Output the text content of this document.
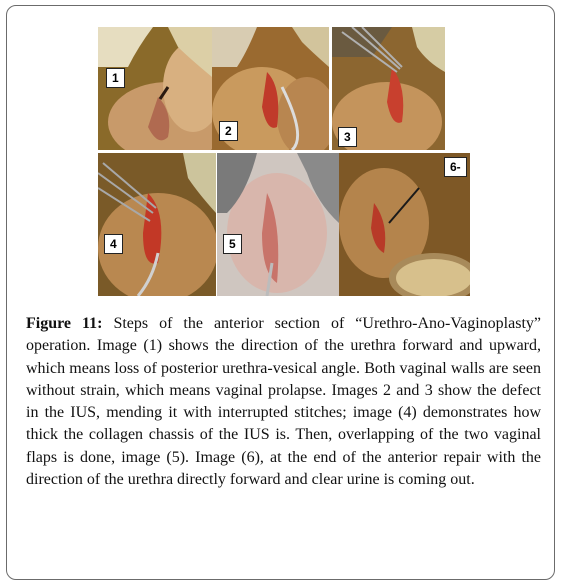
1
2	3
4	5
6-
Figure 11: Steps of the anterior section of “Urethro-Ano-Vaginoplasty” operation. Image (1) shows the direction of the urethra forward and upward, which means loss of posterior urethra-vesical angle. Both vaginal walls are seen without strain, which means vaginal prolapse. Images 2 and 3 show the defect in the IUS, mending it with interrupted stitches; image (4) demonstrates how thick the collagen chassis of the IUS is. Then, overlapping of the two vaginal flaps is done, image (5). Image (6), at the end of the anterior repair with the direction of the urethra directly forward and clear urine is coming out.
